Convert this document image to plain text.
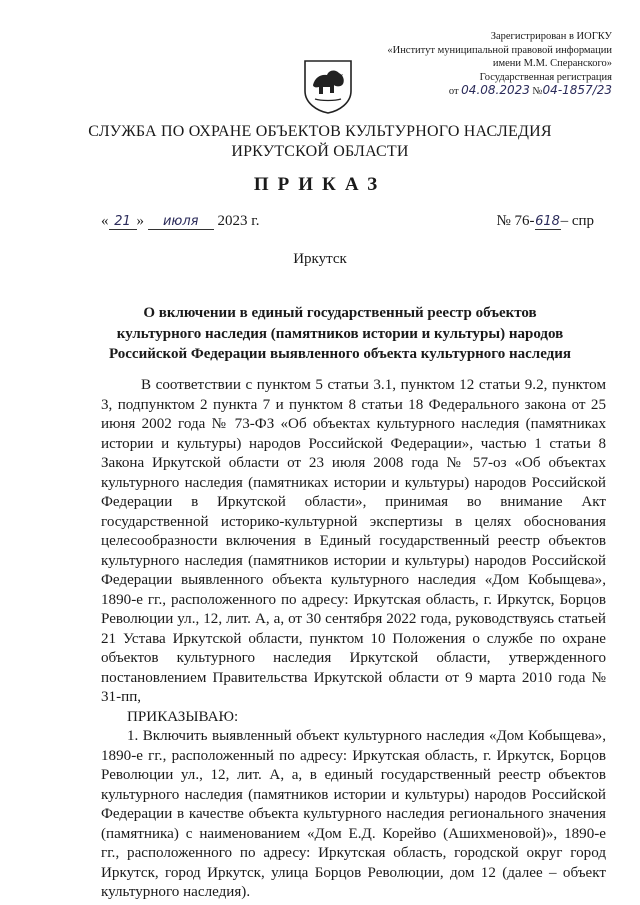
Зарегистрирован в ИОГКУ
«Институт муниципальной правовой информации
имени М.М. Сперанского»
Государственная регистрация
от 04.08.2023 №04-1857/23
СЛУЖБА ПО ОХРАНЕ ОБЪЕКТОВ КУЛЬТУРНОГО НАСЛЕДИЯ
ИРКУТСКОЙ ОБЛАСТИ
ПРИКАЗ
« 21 » июля 2023 г.	№ 76-618– спр
Иркутск
О включении в единый государственный реестр объектов культурного наследия (памятников истории и культуры) народов Российской Федерации выявленного объекта культурного наследия

В соответствии с пунктом 5 статьи 3.1, пунктом 12 статьи 9.2, пунктом 3, подпунктом 2 пункта 7 и пунктом 8 статьи 18 Федерального закона от 25 июня 2002 года № 73-ФЗ «Об объектах культурного наследия (памятниках истории и культуры) народов Российской Федерации», частью 1 статьи 8 Закона Иркутской области от 23 июля 2008 года № 57-оз «Об объектах культурного наследия (памятниках истории и культуры) народов Российской Федерации в Иркутской области», принимая во внимание Акт государственной историко-культурной экспертизы в целях обоснования целесообразности включения в Единый государственный реестр объектов культурного наследия (памятников истории и культуры) народов Российской Федерации выявленного объекта культурного наследия «Дом Кобыщева», 1890-е гг., расположенного по адресу: Иркутская область, г. Иркутск, Борцов Революции ул., 12, лит. А, а, от 30 сентября 2022 года, руководствуясь статьей 21 Устава Иркутской области, пунктом 10 Положения о службе по охране объектов культурного наследия Иркутской области, утвержденного постановлением Правительства Иркутской области от 9 марта 2010 года № 31-пп,

ПРИКАЗЫВАЮ:

1. Включить выявленный объект культурного наследия «Дом Кобыщева», 1890-е гг., расположенный по адресу: Иркутская область, г. Иркутск, Борцов Революции ул., 12, лит. А, а, в единый государственный реестр объектов культурного наследия (памятников истории и культуры) народов Российской Федерации в качестве объекта культурного наследия регионального значения (памятника) с наименованием «Дом Е.Д. Корейво (Ашихменовой)», 1890-е гг., расположенного по адресу: Иркутская область, городской округ город Иркутск, город Иркутск, улица Борцов Революции, дом 12 (далее – объект культурного наследия).
